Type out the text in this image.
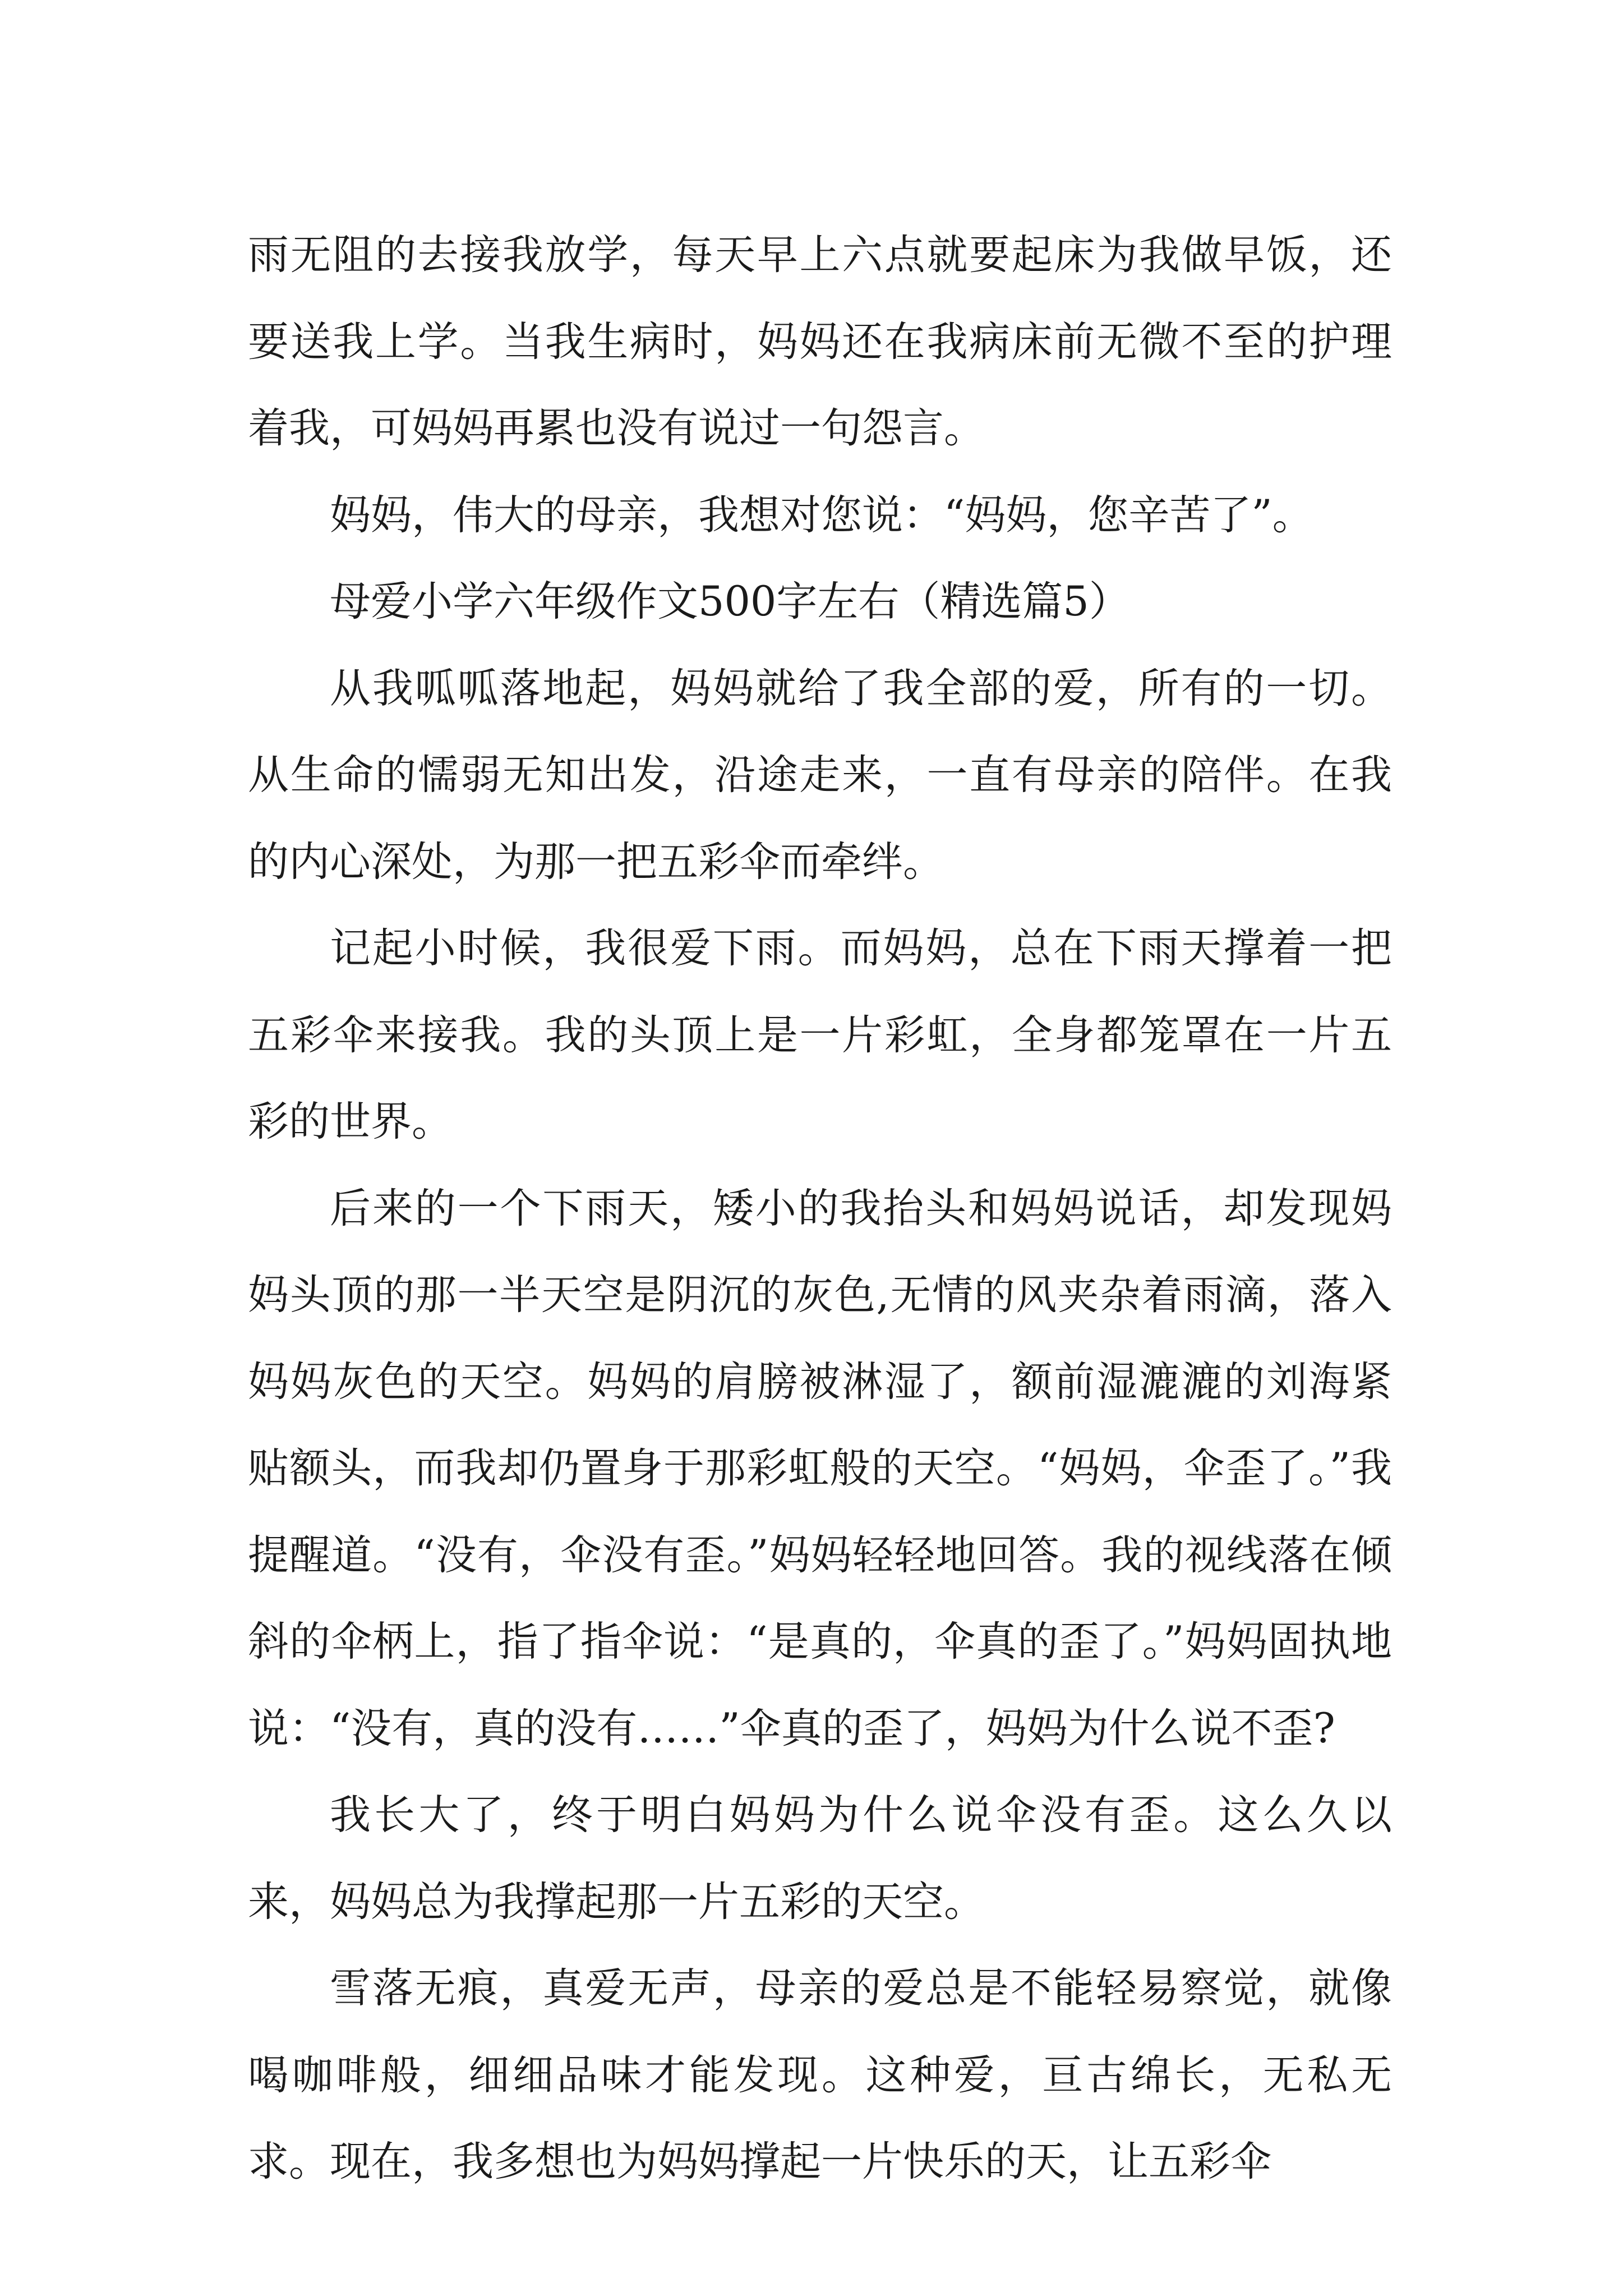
雨无阻的去接我放学，每天早上六点就要起床为我做早饭，还要送我上学。当我生病时，妈妈还在我病床前无微不至的护理着我，可妈妈再累也没有说过一句怨言。

妈妈，伟大的母亲，我想对您说：“妈妈，您辛苦了”。

母爱小学六年级作文500字左右（精选篇5）

从我呱呱落地起，妈妈就给了我全部的爱，所有的一切。从生命的懦弱无知出发，沿途走来，一直有母亲的陪伴。在我的内心深处，为那一把五彩伞而牵绊。

记起小时候，我很爱下雨。而妈妈，总在下雨天撑着一把五彩伞来接我。我的头顶上是一片彩虹，全身都笼罩在一片五彩的世界。

后来的一个下雨天，矮小的我抬头和妈妈说话，却发现妈妈头顶的那一半天空是阴沉的灰色,无情的风夹杂着雨滴，落入妈妈灰色的天空。妈妈的肩膀被淋湿了，额前湿漉漉的刘海紧贴额头，而我却仍置身于那彩虹般的天空。“妈妈，伞歪了。”我提醒道。“没有，伞没有歪。”妈妈轻轻地回答。我的视线落在倾斜的伞柄上，指了指伞说：“是真的，伞真的歪了。”妈妈固执地说：“没有，真的没有……”伞真的歪了，妈妈为什么说不歪?

我长大了，终于明白妈妈为什么说伞没有歪。这么久以来，妈妈总为我撑起那一片五彩的天空。

雪落无痕，真爱无声，母亲的爱总是不能轻易察觉，就像喝咖啡般，细细品味才能发现。这种爱，亘古绵长，无私无求。现在，我多想也为妈妈撑起一片快乐的天，让五彩伞
